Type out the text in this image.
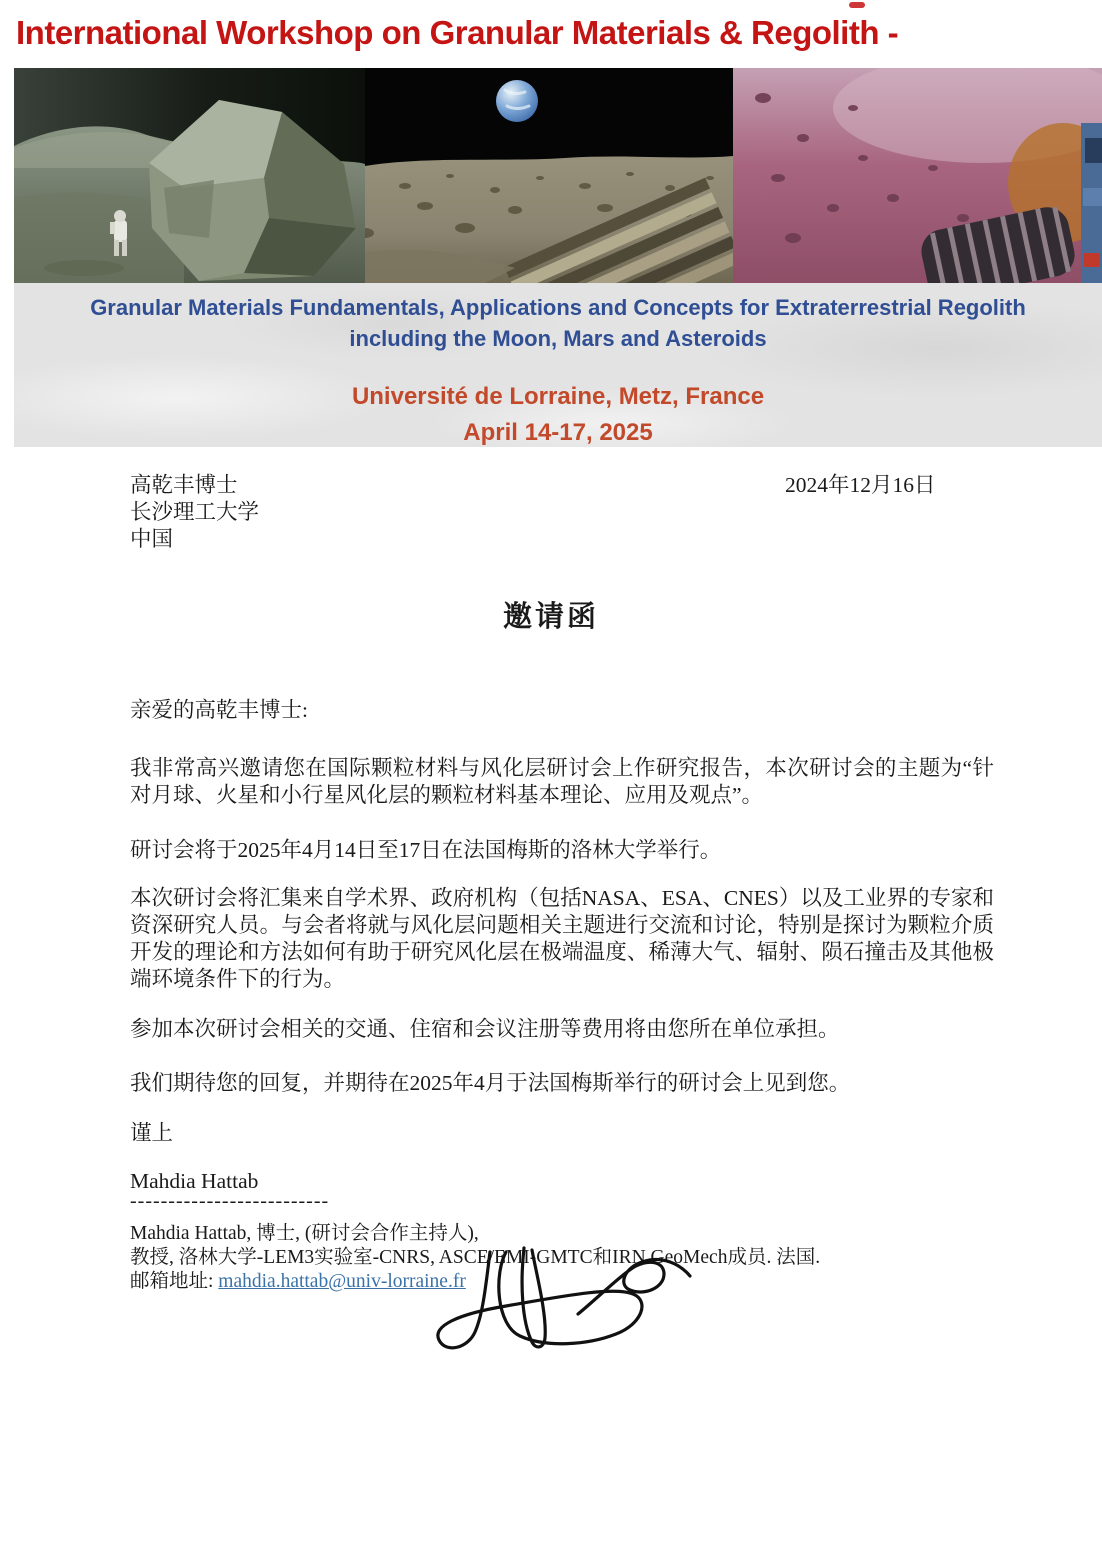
International Workshop on Granular Materials & Regolith -
Granular Materials Fundamentals, Applications and Concepts for Extraterrestrial Regolith
including the Moon, Mars and Asteroids
Université de Lorraine, Metz, France
April 14-17, 2025
高乾丰博士
长沙理工大学
中国
2024年12月16日
邀请函
亲爱的高乾丰博士:
我非常高兴邀请您在国际颗粒材料与风化层研讨会上作研究报告，本次研讨会的主题为“针对月球、火星和小行星风化层的颗粒材料基本理论、应用及观点”。
研讨会将于2025年4月14日至17日在法国梅斯的洛林大学举行。
本次研讨会将汇集来自学术界、政府机构（包括NASA、ESA、CNES）以及工业界的专家和资深研究人员。与会者将就与风化层问题相关主题进行交流和讨论，特别是探讨为颗粒介质开发的理论和方法如何有助于研究风化层在极端温度、稀薄大气、辐射、陨石撞击及其他极端环境条件下的行为。
参加本次研讨会相关的交通、住宿和会议注册等费用将由您所在单位承担。
我们期待您的回复，并期待在2025年4月于法国梅斯举行的研讨会上见到您。
谨上
Mahdia Hattab
--------------------------
Mahdia Hattab, 博士, (研讨会合作主持人),
教授, 洛林大学-LEM3实验室-CNRS, ASCE/EMI-GMTC和IRN GeoMech成员. 法国.
邮箱地址: mahdia.hattab@univ-lorraine.fr
